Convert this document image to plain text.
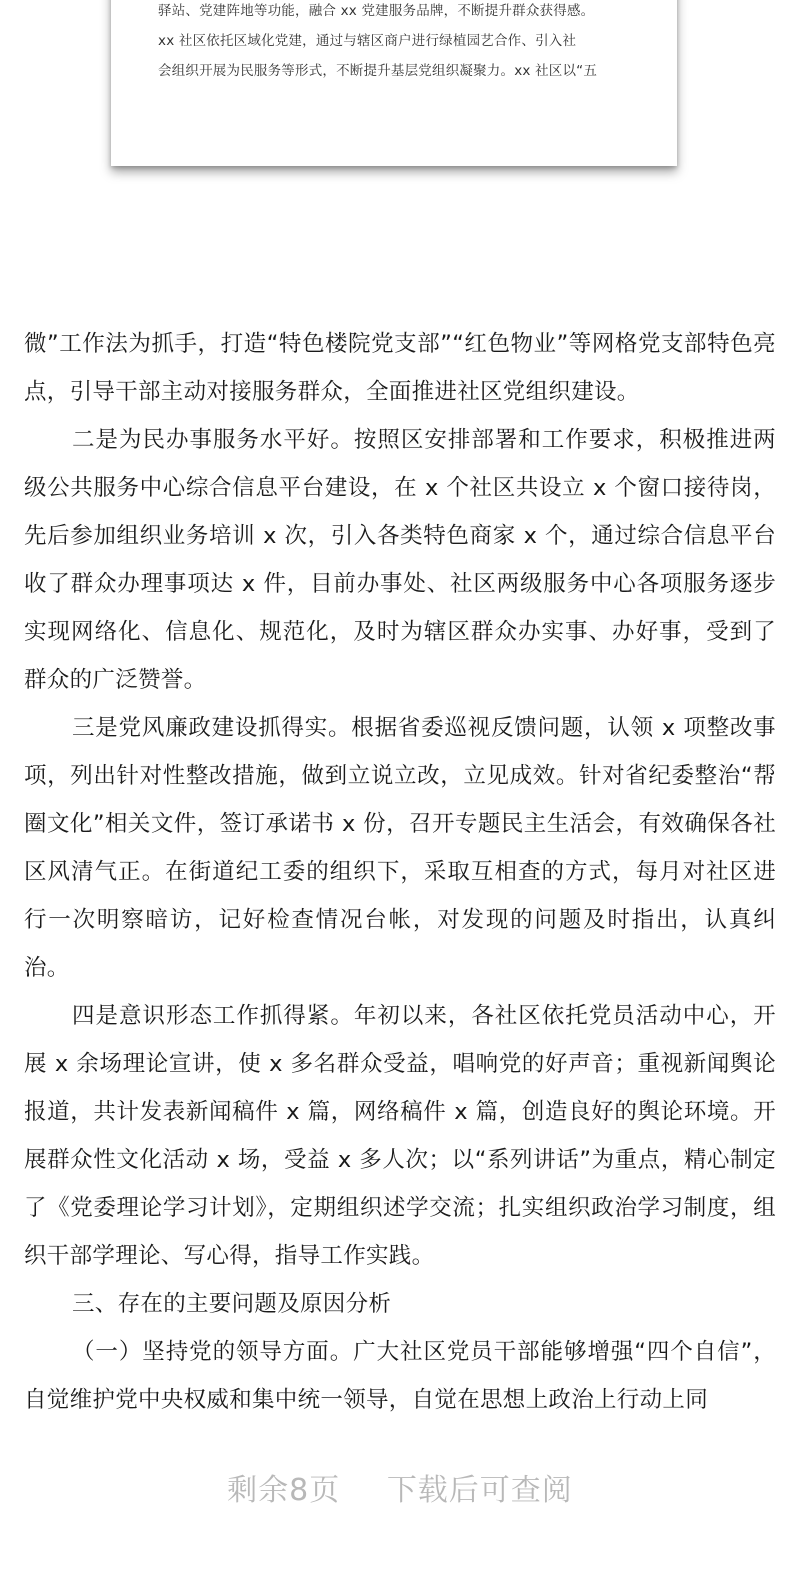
驿站、党建阵地等功能，融合 xx 党建服务品牌，不断提升群众获得感。

xx 社区依托区域化党建，通过与辖区商户进行绿植园艺合作、引入社

会组织开展为民服务等形式，不断提升基层党组织凝聚力。xx 社区以“五

微”工作法为抓手，打造“特色楼院党支部”“红色物业”等网格党支部特色亮点，引导干部主动对接服务群众，全面推进社区党组织建设。

二是为民办事服务水平好。按照区安排部署和工作要求，积极推进两级公共服务中心综合信息平台建设，在 x 个社区共设立 x 个窗口接待岗，先后参加组织业务培训 x 次，引入各类特色商家 x 个，通过综合信息平台收了群众办理事项达 x 件，目前办事处、社区两级服务中心各项服务逐步实现网络化、信息化、规范化，及时为辖区群众办实事、办好事，受到了群众的广泛赞誉。

三是党风廉政建设抓得实。根据省委巡视反馈问题，认领 x 项整改事项，列出针对性整改措施，做到立说立改，立见成效。针对省纪委整治“帮圈文化”相关文件，签订承诺书 x 份，召开专题民主生活会，有效确保各社区风清气正。在街道纪工委的组织下，采取互相查的方式，每月对社区进行一次明察暗访，记好检查情况台帐，对发现的问题及时指出，认真纠治。

四是意识形态工作抓得紧。年初以来，各社区依托党员活动中心，开展 x 余场理论宣讲，使 x 多名群众受益，唱响党的好声音；重视新闻舆论报道，共计发表新闻稿件 x 篇，网络稿件 x 篇，创造良好的舆论环境。开展群众性文化活动 x 场，受益 x 多人次；以“系列讲话”为重点，精心制定了《党委理论学习计划》，定期组织述学交流；扎实组织政治学习制度，组织干部学理论、写心得，指导工作实践。

三、存在的主要问题及原因分析

（一）坚持党的领导方面。广大社区党员干部能够增强“四个自信”，自觉维护党中央权威和集中统一领导，自觉在思想上政治上行动上同

剩余8页 下载后可查阅
